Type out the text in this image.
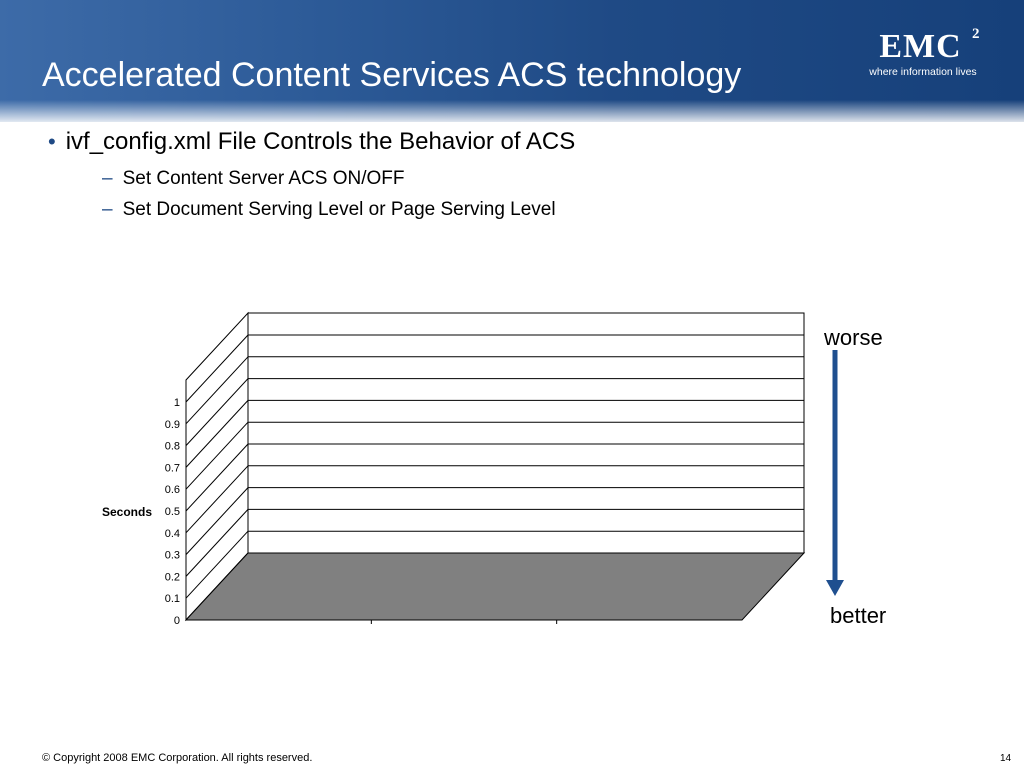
Accelerated Content Services ACS technology
EMC 2
where information lives
• ivf_config.xml File Controls the Behavior of ACS
– Set Content Server ACS ON/OFF
– Set Document Serving Level or Page Serving Level
Seconds
0
0.1
0.2
0.3
0.4
0.5
0.6
0.7
0.8
0.9
1
worse
better
© Copyright 2008 EMC Corporation. All rights reserved.	14
